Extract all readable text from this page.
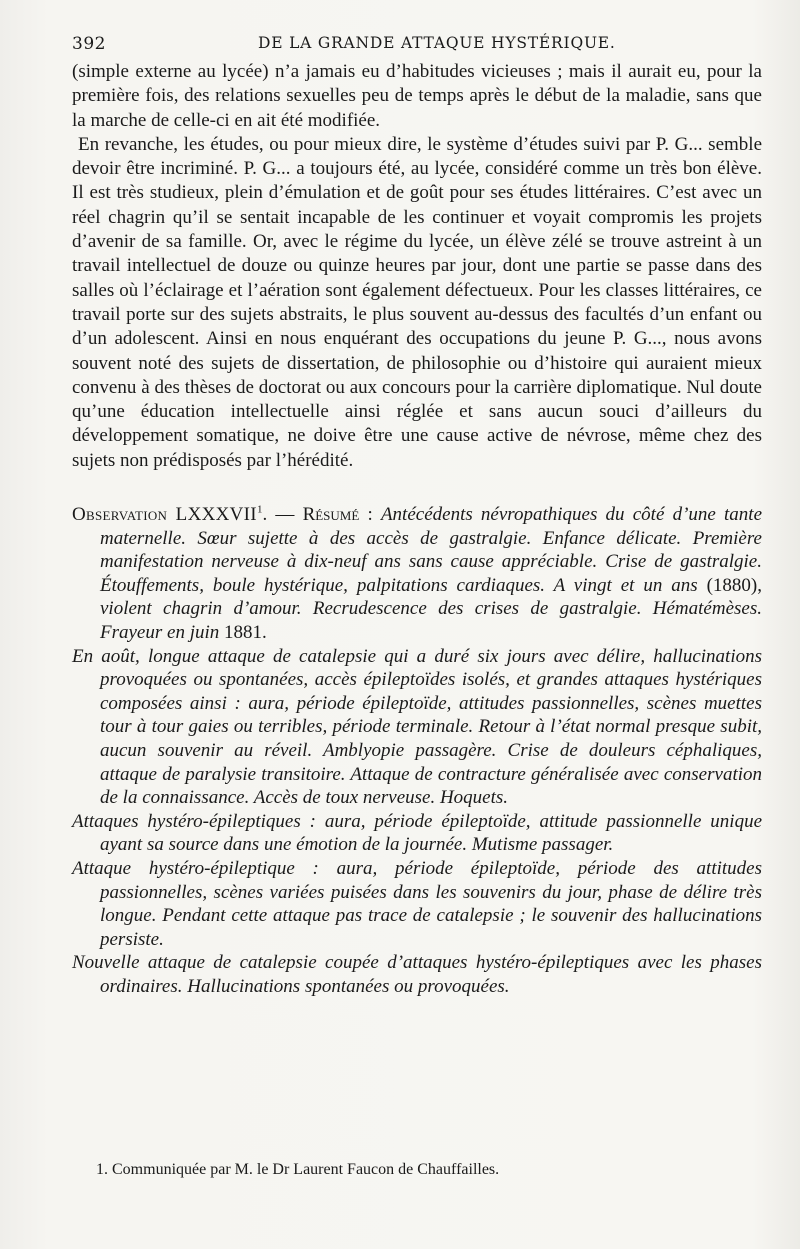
392	DE LA GRANDE ATTAQUE HYSTÉRIQUE.

(simple externe au lycée) n’a jamais eu d’habitudes vicieuses ; mais il aurait eu, pour la première fois, des relations sexuelles peu de temps après le début de la maladie, sans que la marche de celle-ci en ait été modifiée.

En revanche, les études, ou pour mieux dire, le système d’études suivi par P. G... semble devoir être incriminé. P. G... a toujours été, au lycée, considéré comme un très bon élève. Il est très studieux, plein d’émulation et de goût pour ses études littéraires. C’est avec un réel chagrin qu’il se sentait incapable de les continuer et voyait compromis les projets d’avenir de sa famille. Or, avec le régime du lycée, un élève zélé se trouve astreint à un travail intellectuel de douze ou quinze heures par jour, dont une partie se passe dans des salles où l’éclairage et l’aération sont également défectueux. Pour les classes littéraires, ce travail porte sur des sujets abstraits, le plus souvent au-dessus des facultés d’un enfant ou d’un adolescent. Ainsi en nous enquérant des occupations du jeune P. G..., nous avons souvent noté des sujets de dissertation, de philosophie ou d’histoire qui auraient mieux convenu à des thèses de doctorat ou aux concours pour la carrière diplomatique. Nul doute qu’une éducation intellectuelle ainsi réglée et sans aucun souci d’ailleurs du développement somatique, ne doive être une cause active de névrose, même chez des sujets non prédisposés par l’hérédité.

Observation LXXXVII$^1$. — Résumé : Antécédents névropathiques du côté d’une tante maternelle. Sœur sujette à des accès de gastralgie. Enfance délicate. Première manifestation nerveuse à dix-neuf ans sans cause appréciable. Crise de gastralgie. Étouffements, boule hystérique, palpitations cardiaques. A vingt et un ans (1880), violent chagrin d’amour. Recrudescence des crises de gastralgie. Hématémèses. Frayeur en juin 1881.

En août, longue attaque de catalepsie qui a duré six jours avec délire, hallucinations provoquées ou spontanées, accès épileptoïdes isolés, et grandes attaques hystériques composées ainsi : aura, période épileptoïde, attitudes passionnelles, scènes muettes tour à tour gaies ou terribles, période terminale. Retour à l’état normal presque subit, aucun souvenir au réveil. Amblyopie passagère. Crise de douleurs céphaliques, attaque de paralysie transitoire. Attaque de contracture généralisée avec conservation de la connaissance. Accès de toux nerveuse. Hoquets.

Attaques hystéro-épileptiques : aura, période épileptoïde, attitude passionnelle unique ayant sa source dans une émotion de la journée. Mutisme passager.

Attaque hystéro-épileptique : aura, période épileptoïde, période des attitudes passionnelles, scènes variées puisées dans les souvenirs du jour, phase de délire très longue. Pendant cette attaque pas trace de catalepsie ; le souvenir des hallucinations persiste.

Nouvelle attaque de catalepsie coupée d’attaques hystéro-épileptiques avec les phases ordinaires. Hallucinations spontanées ou provoquées.

1. Communiquée par M. le Dr Laurent Faucon de Chauffailles.
